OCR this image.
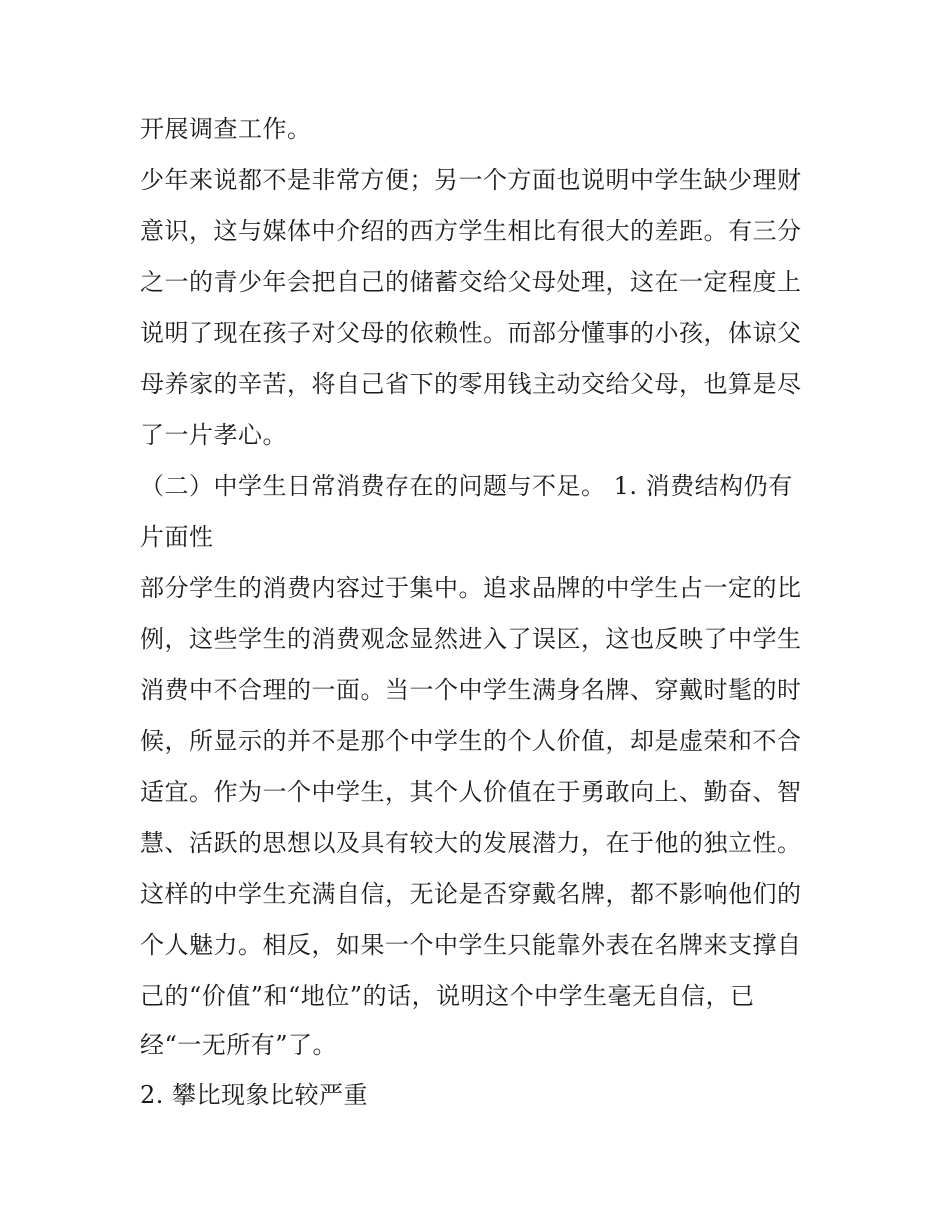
开展调查工作。
少年来说都不是非常方便；另一个方面也说明中学生缺少理财
意识，这与媒体中介绍的西方学生相比有很大的差距。有三分
之一的青少年会把自己的储蓄交给父母处理，这在一定程度上
说明了现在孩子对父母的依赖性。而部分懂事的小孩，体谅父
母养家的辛苦，将自己省下的零用钱主动交给父母，也算是尽
了一片孝心。
（二）中学生日常消费存在的问题与不足。 1. 消费结构仍有
片面性
部分学生的消费内容过于集中。追求品牌的中学生占一定的比
例，这些学生的消费观念显然进入了误区，这也反映了中学生
消费中不合理的一面。当一个中学生满身名牌、穿戴时髦的时
候，所显示的并不是那个中学生的个人价值，却是虚荣和不合
适宜。作为一个中学生，其个人价值在于勇敢向上、勤奋、智
慧、活跃的思想以及具有较大的发展潜力，在于他的独立性。
这样的中学生充满自信，无论是否穿戴名牌，都不影响他们的
个人魅力。相反，如果一个中学生只能靠外表在名牌来支撑自
己的“价值”和“地位”的话，说明这个中学生毫无自信，已
经“一无所有”了。
2. 攀比现象比较严重
